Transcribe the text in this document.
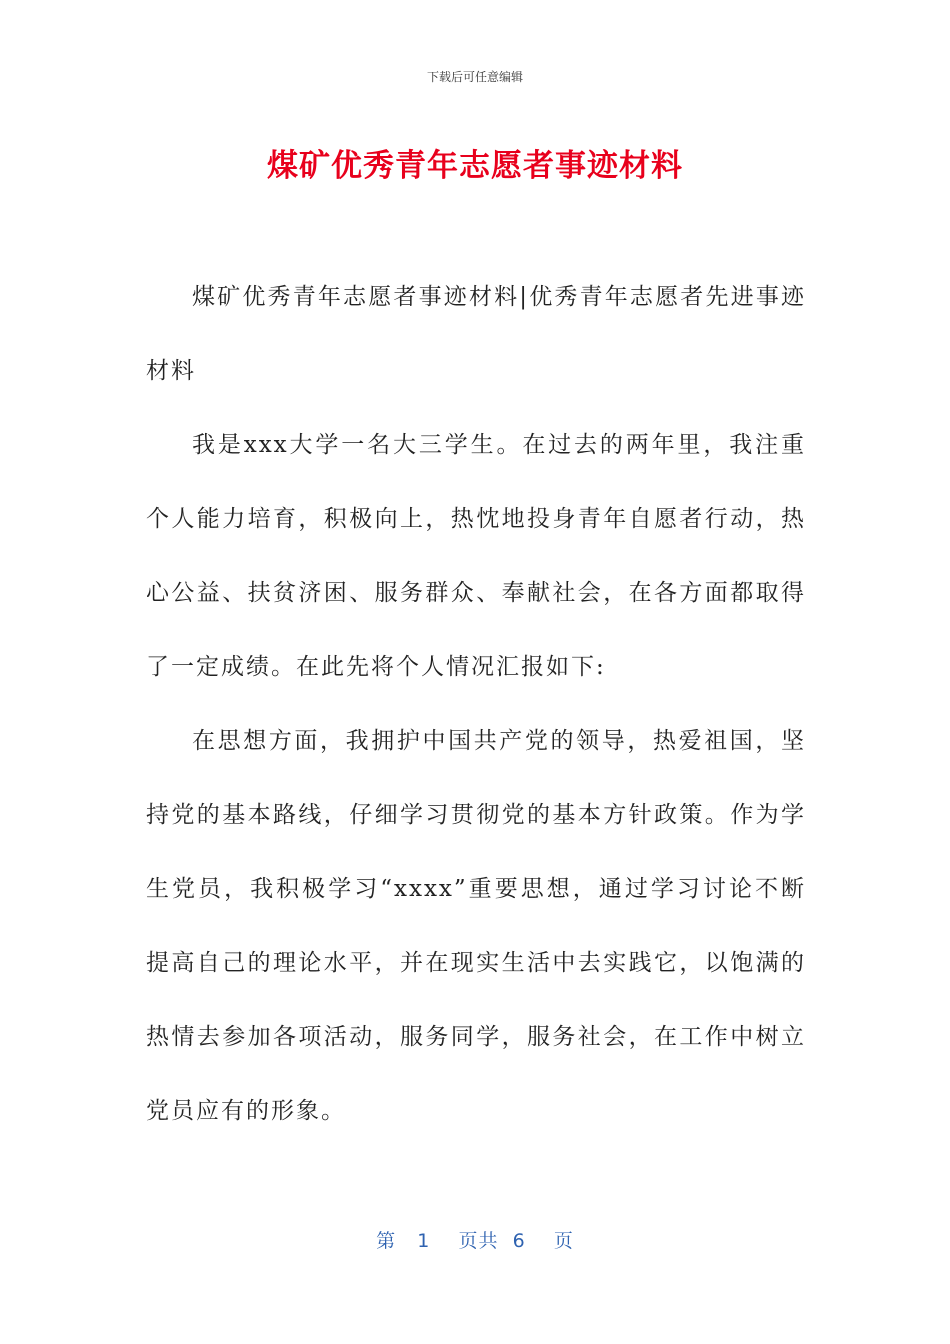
下载后可任意编辑
煤矿优秀青年志愿者事迹材料

煤矿优秀青年志愿者事迹材料|优秀青年志愿者先进事迹材料

我是xxx大学一名大三学生。在过去的两年里，我注重个人能力培育，积极向上，热忱地投身青年自愿者行动，热心公益、扶贫济困、服务群众、奉献社会，在各方面都取得了一定成绩。在此先将个人情况汇报如下:

在思想方面，我拥护中国共产党的领导，热爱祖国，坚持党的基本路线，仔细学习贯彻党的基本方针政策。作为学生党员，我积极学习“xxxx”重要思想，通过学习讨论不断提高自己的理论水平，并在现实生活中去实践它，以饱满的热情去参加各项活动，服务同学，服务社会，在工作中树立党员应有的形象。

第 1 页共 6 页
